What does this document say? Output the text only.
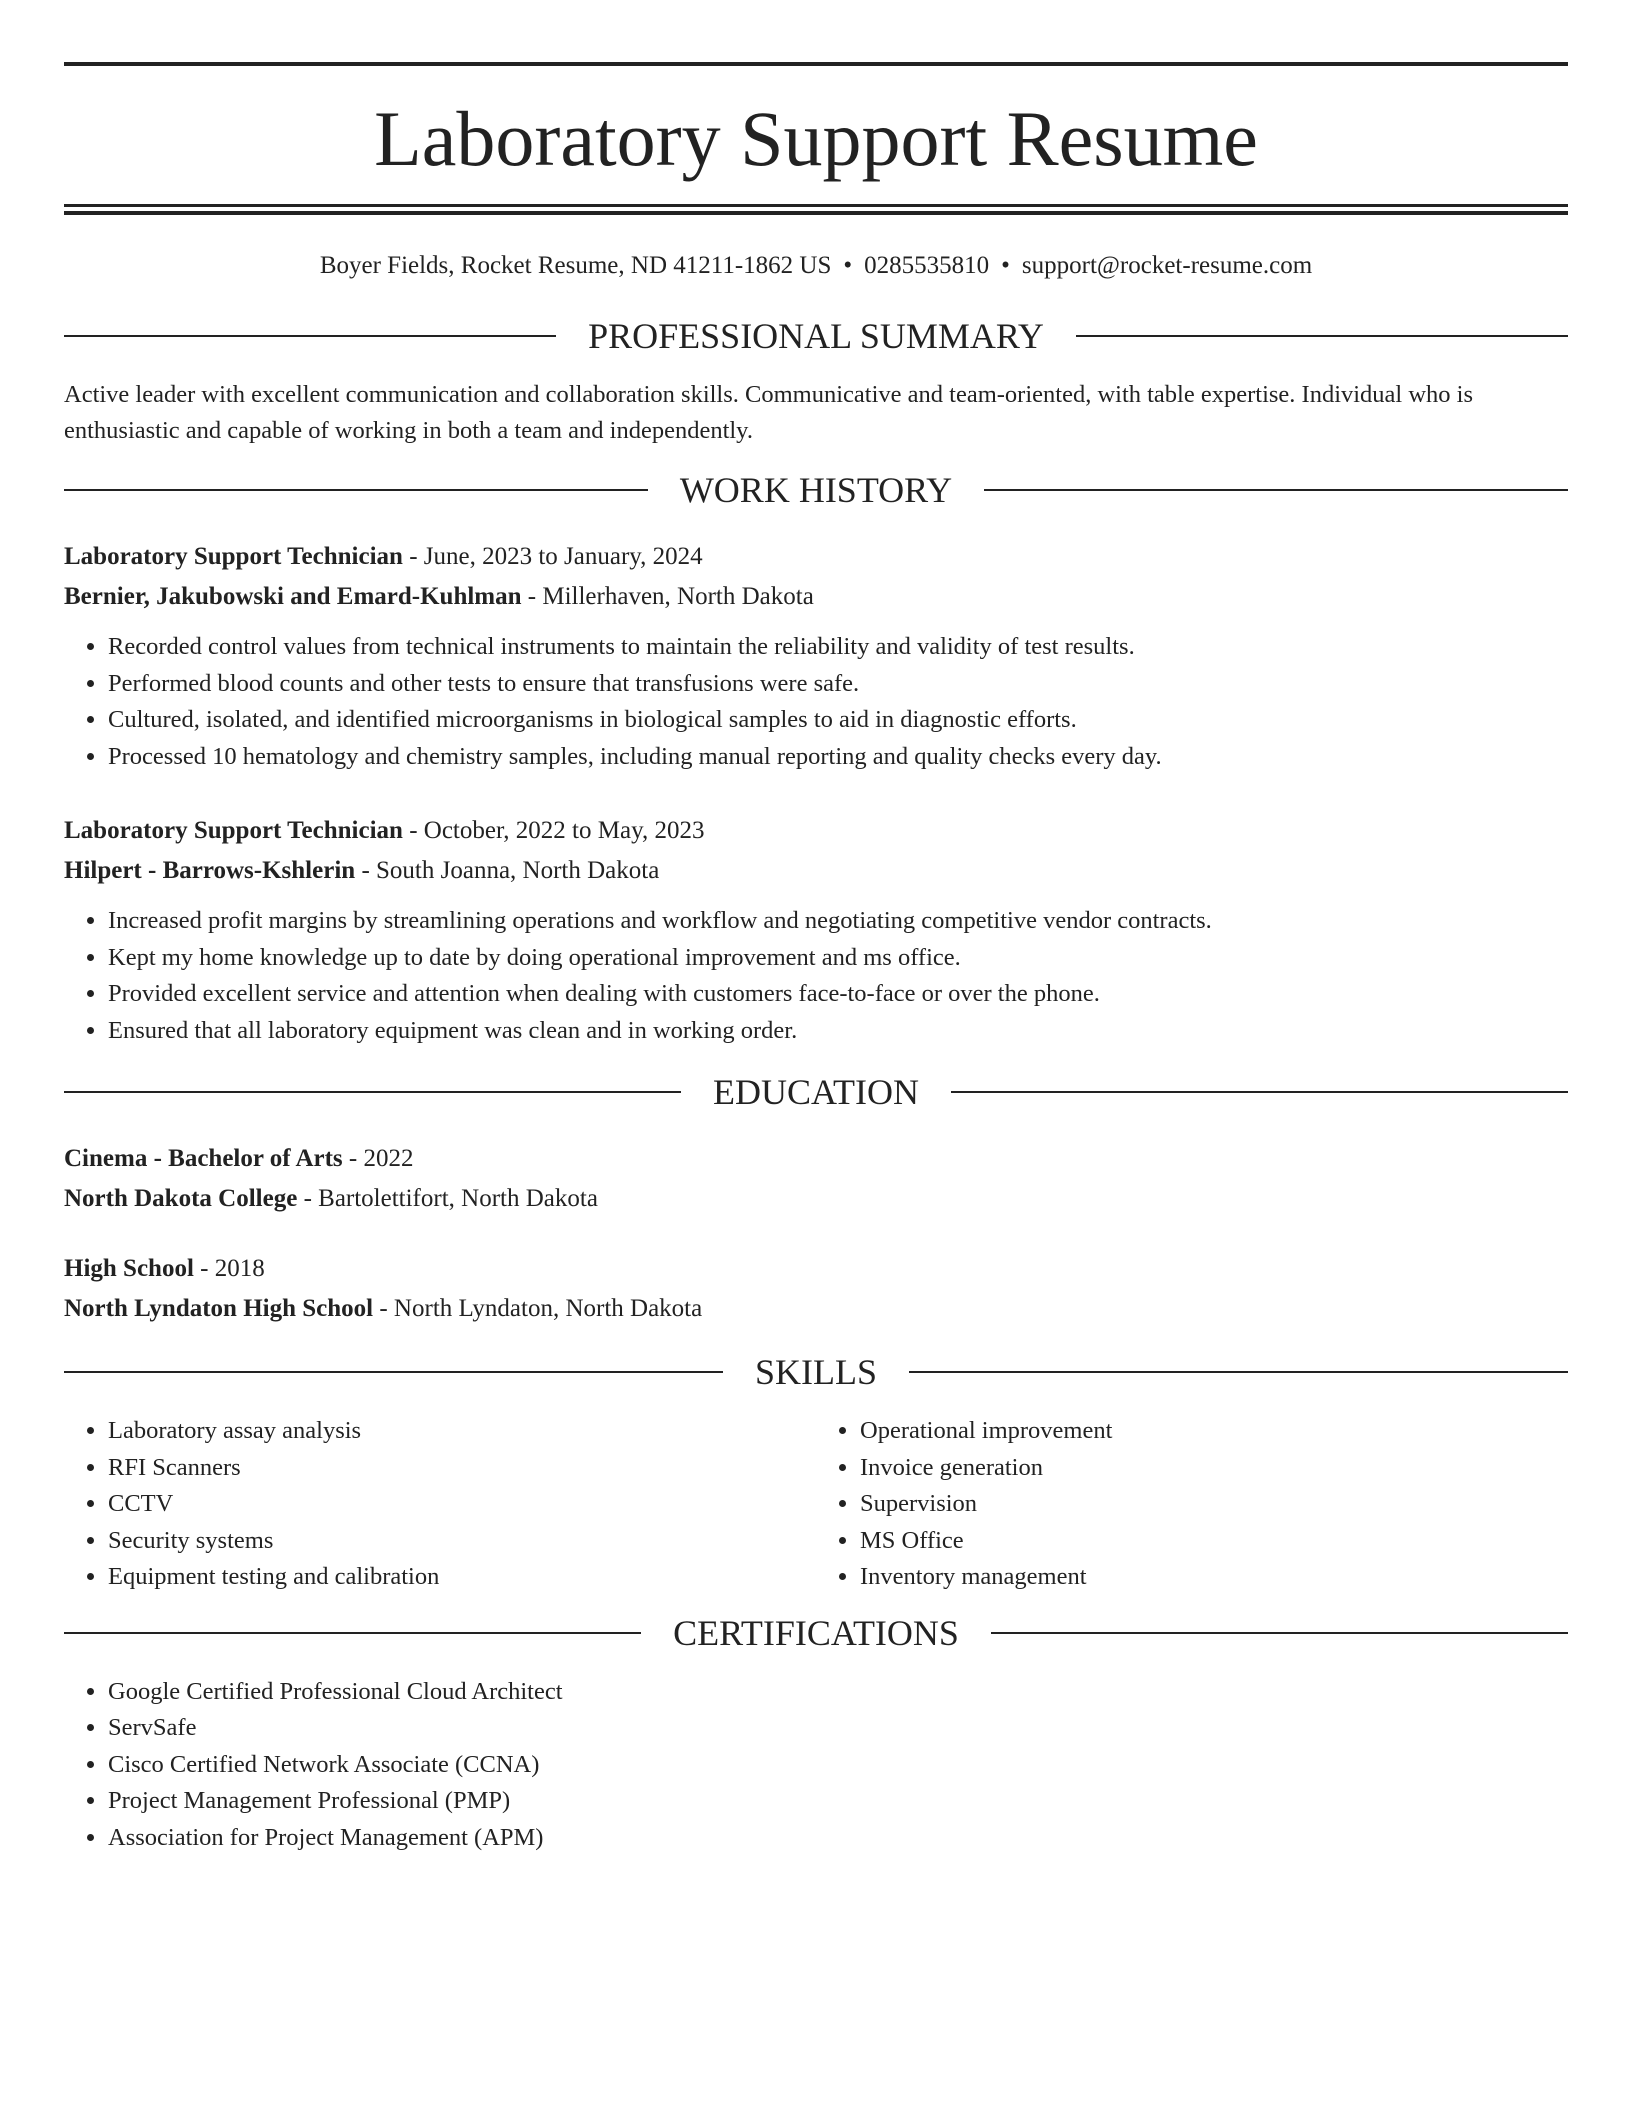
Laboratory Support Resume
Boyer Fields, Rocket Resume, ND 41211-1862 US • 0285535810 • support@rocket-resume.com
PROFESSIONAL SUMMARY
Active leader with excellent communication and collaboration skills. Communicative and team-oriented, with table expertise. Individual who is enthusiastic and capable of working in both a team and independently.
WORK HISTORY
Laboratory Support Technician - June, 2023 to January, 2024
Bernier, Jakubowski and Emard-Kuhlman - Millerhaven, North Dakota
• Recorded control values from technical instruments to maintain the reliability and validity of test results.
• Performed blood counts and other tests to ensure that transfusions were safe.
• Cultured, isolated, and identified microorganisms in biological samples to aid in diagnostic efforts.
• Processed 10 hematology and chemistry samples, including manual reporting and quality checks every day.
Laboratory Support Technician - October, 2022 to May, 2023
Hilpert - Barrows-Kshlerin - South Joanna, North Dakota
• Increased profit margins by streamlining operations and workflow and negotiating competitive vendor contracts.
• Kept my home knowledge up to date by doing operational improvement and ms office.
• Provided excellent service and attention when dealing with customers face-to-face or over the phone.
• Ensured that all laboratory equipment was clean and in working order.
EDUCATION
Cinema - Bachelor of Arts - 2022
North Dakota College - Bartolettifort, North Dakota
High School - 2018
North Lyndaton High School - North Lyndaton, North Dakota
SKILLS
• Laboratory assay analysis
• RFI Scanners
• CCTV
• Security systems
• Equipment testing and calibration
• Operational improvement
• Invoice generation
• Supervision
• MS Office
• Inventory management
CERTIFICATIONS
• Google Certified Professional Cloud Architect
• ServSafe
• Cisco Certified Network Associate (CCNA)
• Project Management Professional (PMP)
• Association for Project Management (APM)
